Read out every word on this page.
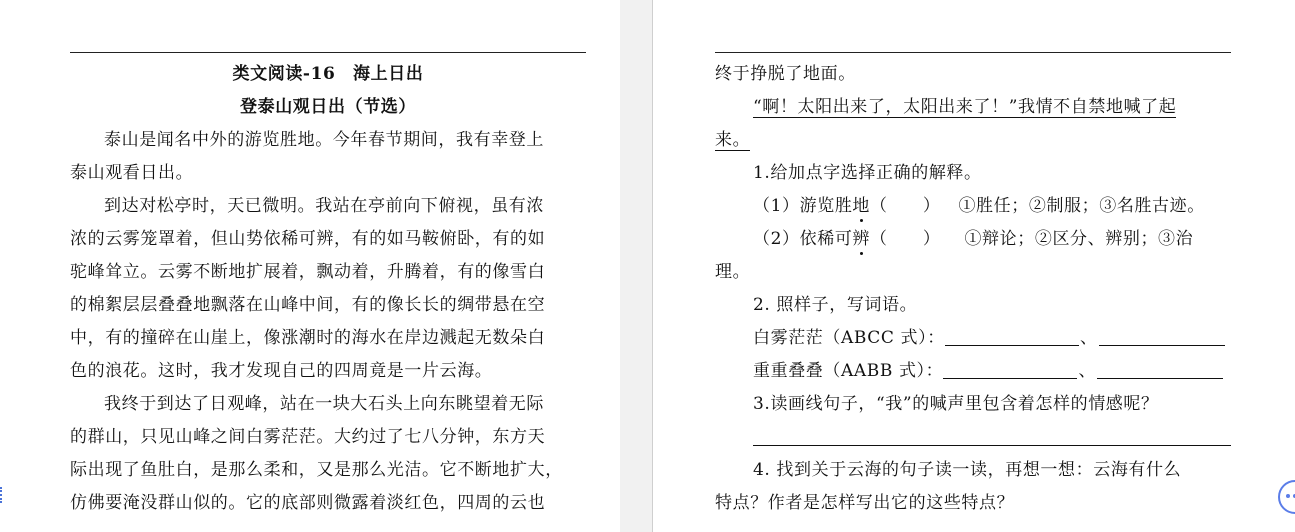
类文阅读-16　海上日出
登泰山观日出（节选）
泰山是闻名中外的游览胜地。今年春节期间，我有幸登上
泰山观看日出。
到达对松亭时，天已微明。我站在亭前向下俯视，虽有浓
浓的云雾笼罩着，但山势依稀可辨，有的如马鞍俯卧，有的如
驼峰耸立。云雾不断地扩展着，飘动着，升腾着，有的像雪白
的棉絮层层叠叠地飘落在山峰中间，有的像长长的绸带悬在空
中，有的撞碎在山崖上，像涨潮时的海水在岸边溅起无数朵白
色的浪花。这时，我才发现自己的四周竟是一片云海。
我终于到达了日观峰，站在一块大石头上向东眺望着无际
的群山，只见山峰之间白雾茫茫。大约过了七八分钟，东方天
际出现了鱼肚白，是那么柔和，又是那么光洁。它不断地扩大，
仿佛要淹没群山似的。它的底部则微露着淡红色，四周的云也
终于挣脱了地面。
“啊！太阳出来了，太阳出来了！”我情不自禁地喊了起
来。
1.给加点字选择正确的解释。
（1）游览胜地（　　） ①胜任；②制服；③名胜古迹。
（2）依稀可辨（　　） ①辩论；②区分、辨别；③治
理。
2. 照样子，写词语。
白雾茫茫（ABCC 式）：	、
重重叠叠（AABB 式）：	、
3.读画线句子，“我”的喊声里包含着怎样的情感呢？
4. 找到关于云海的句子读一读，再想一想：云海有什么
特点？作者是怎样写出它的这些特点？
